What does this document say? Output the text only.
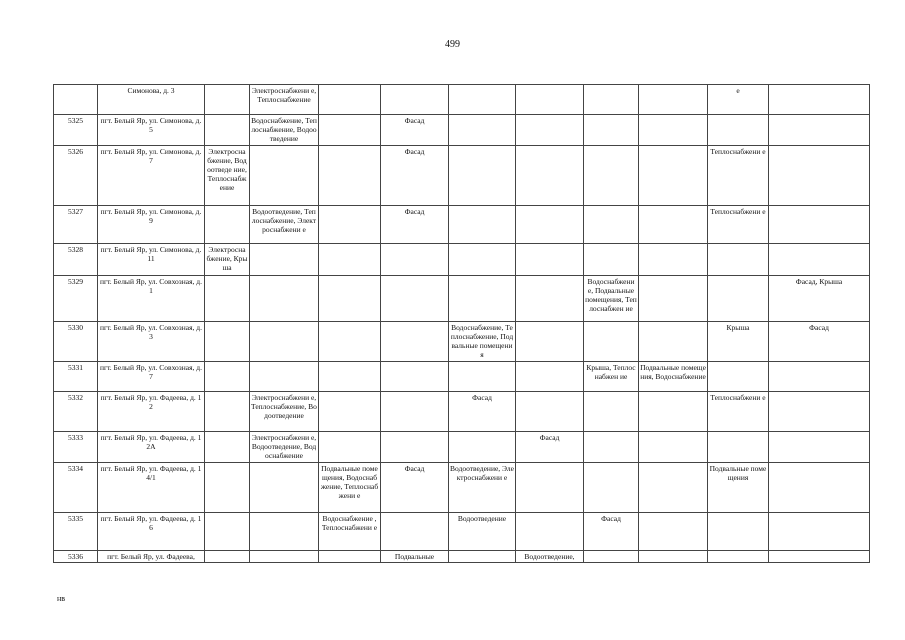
499
	Симонова, д. 3		Электроснабжени е, Теплоснабжение							е	
5325	пгт. Белый Яр, ул. Симонова, д. 5		Водоснабжение, Теплоснабжение, Водоотведение		Фасад						
5326	пгт. Белый Яр, ул. Симонова, д. 7	Электросна бжение, Водоотведе ние, Теплоснабж ение			Фасад					Теплоснабжени е	
5327	пгт. Белый Яр, ул. Симонова, д. 9		Водоотведение, Теплоснабжение, Электроснабжени е		Фасад					Теплоснабжени е	
5328	пгт. Белый Яр, ул. Симонова, д. 11	Электросна бжение, Крыша									
5329	пгт. Белый Яр, ул. Совхозная, д. 1							Водоснабжени е, Подвальные помещения, Теплоснабжен ие			Фасад, Крыша
5330	пгт. Белый Яр, ул. Совхозная, д. 3					Водоснабжение, Теплоснабжение, Подвальные помещения				Крыша	Фасад
5331	пгт. Белый Яр, ул. Совхозная, д. 7							Крыша, Теплоснабжен ие	Подвальные помещения, Водоснабжение		
5332	пгт. Белый Яр, ул. Фадеева, д. 12		Электроснабжени е, Теплоснабжение, Водоотведение			Фасад				Теплоснабжени е	
5333	пгт. Белый Яр, ул. Фадеева, д. 12А		Электроснабжени е, Водоотведение, Водоснабжение				Фасад				
5334	пгт. Белый Яр, ул. Фадеева, д. 14/1			Подвальные помещения, Водоснабжение, Теплоснабжени е	Фасад	Водоотведение, Электроснабжени е				Подвальные помещения	
5335	пгт. Белый Яр, ул. Фадеева, д. 16			Водоснабжение , Теплоснабжени е		Водоотведение		Фасад			
5336	пгт. Белый Яр, ул. Фадеева,				Подвальные		Водоотведение,				
нв
